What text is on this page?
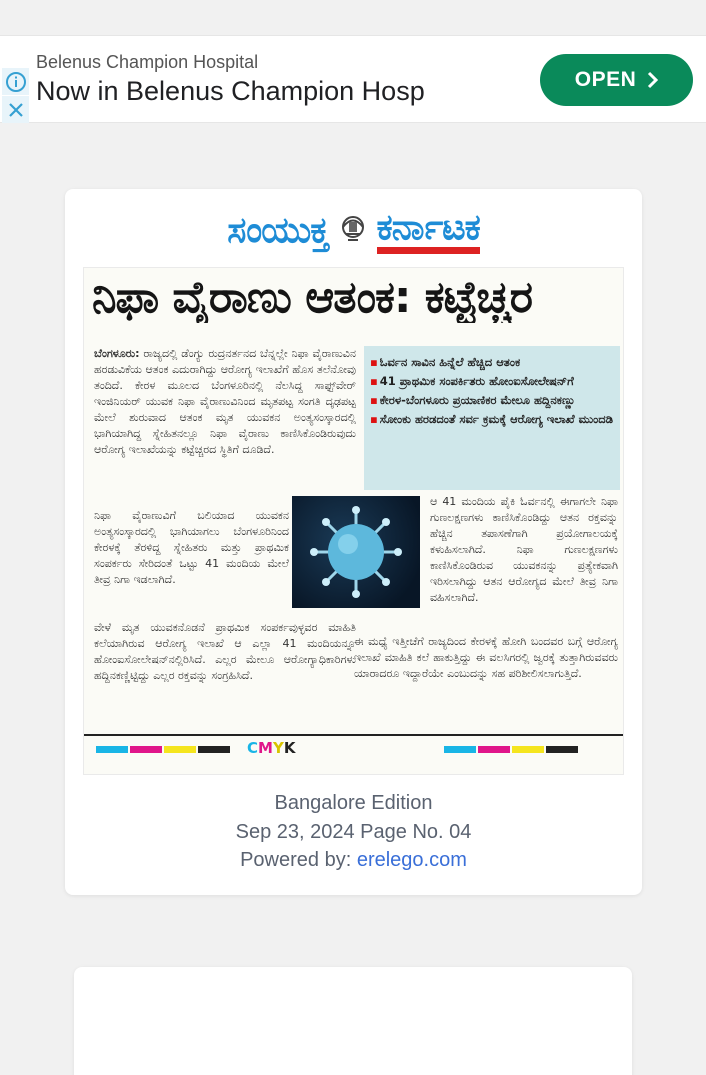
Belenus Champion Hospital
Now in Belenus Champion Hosp	OPEN
ಸಂಯುಕ್ತ ಕರ್ನಾಟಕ
ನಿಫಾ ವೈರಾಣು ಆತಂಕ: ಕಟ್ಟೆಚ್ಚರ
ಬೆಂಗಳೂರು: ರಾಜ್ಯದಲ್ಲಿ ಡೆಂಗ್ಯು ರುದ್ರನರ್ತನದ ಬೆನ್ನಲ್ಲೇ ನಿಫಾ ವೈರಾಣುವಿನ ಹರಡುವಿಕೆಯ ಆತಂಕ ಎದುರಾಗಿದ್ದು ಆರೋಗ್ಯ ಇಲಾಖೆಗೆ ಹೊಸ ತಲೆನೋವು ತಂದಿದೆ. ಕೇರಳ ಮೂಲದ ಬೆಂಗಳೂರಿನಲ್ಲಿ ನೆಲಸಿದ್ದ ಸಾಫ್ಟ್‌ವೇರ್ ಇಂಜಿನಿಯರ್ ಯುವಕ ನಿಫಾ ವೈರಾಣುವಿನಿಂದ ಮೃತಪಟ್ಟ ಸಂಗತಿ ದೃಢಪಟ್ಟ ಮೇಲೆ ಶುರುವಾದ ಆತಂಕ ಮೃತ ಯುವಕನ ಅಂತ್ಯಸಂಸ್ಕಾರದಲ್ಲಿ ಭಾಗಿಯಾಗಿದ್ದ ಸ್ನೇಹಿತನಲ್ಲೂ ನಿಫಾ ವೈರಾಣು ಕಾಣಿಸಿಕೊಂಡಿರುವುದು ಆರೋಗ್ಯ ಇಲಾಖೆಯನ್ನು ಕಟ್ಟೆಚ್ಚರದ ಸ್ಥಿತಿಗೆ ದೂಡಿದೆ.
▪ ಓರ್ವನ ಸಾವಿನ ಹಿನ್ನೆಲೆ ಹೆಚ್ಚಿದ ಆತಂಕ
▪ 41 ಪ್ರಾಥಮಿಕ ಸಂಪರ್ಕಿತರು ಹೋಂಐಸೋಲೇಷನ್‌ಗೆ
▪ ಕೇರಳ-ಬೆಂಗಳೂರು ಪ್ರಯಾಣಿಕರ ಮೇಲೂ ಹದ್ದಿನಕಣ್ಣು
▪ ಸೋಂಕು ಹರಡದಂತೆ ಸರ್ವ ಕ್ರಮಕ್ಕೆ ಆರೋಗ್ಯ ಇಲಾಖೆ ಮುಂದಡಿ
ನಿಫಾ ವೈರಾಣುವಿಗೆ ಬಲಿಯಾದ ಯುವಕನ ಅಂತ್ಯಸಂಸ್ಕಾರದಲ್ಲಿ ಭಾಗಿಯಾಗಲು ಬೆಂಗಳೂರಿನಿಂದ ಕೇರಳಕ್ಕೆ ತೆರಳಿದ್ದ ಸ್ನೇಹಿತರು ಮತ್ತು ಪ್ರಾಥಮಿಕ ಸಂಪರ್ಕರು ಸೇರಿದಂತೆ ಒಟ್ಟು 41 ಮಂದಿಯ ಮೇಲೆ ತೀವ್ರ ನಿಗಾ ಇಡಲಾಗಿದೆ.
ಆ 41 ಮಂದಿಯ ಪೈಕಿ ಓರ್ವನಲ್ಲಿ ಈಗಾಗಲೇ ನಿಫಾ ಗುಣಲಕ್ಷಣಗಳು ಕಾಣಿಸಿಕೊಂಡಿದ್ದು ಆತನ ರಕ್ತವನ್ನು ಹೆಚ್ಚಿನ ತಪಾಸಣೆಗಾಗಿ ಪ್ರಯೋಗಾಲಯಕ್ಕೆ ಕಳುಹಿಸಲಾಗಿದೆ. ನಿಫಾ ಗುಣಲಕ್ಷಣಗಳು ಕಾಣಿಸಿಕೊಂಡಿರುವ ಯುವಕನನ್ನು ಪ್ರತ್ಯೇಕವಾಗಿ ಇರಿಸಲಾಗಿದ್ದು ಆತನ ಆರೋಗ್ಯದ ಮೇಲೆ ತೀವ್ರ ನಿಗಾ ವಹಿಸಲಾಗಿದೆ.
ವೇಳೆ ಮೃತ ಯುವಕನೊಡನೆ ಪ್ರಾಥಮಿಕ ಸಂಪರ್ಕವುಳ್ಳವರ ಮಾಹಿತಿ ಕಲೆಯಾಗಿರುವ ಆರೋಗ್ಯ ಇಲಾಖೆ ಆ ಎಲ್ಲಾ 41 ಮಂದಿಯನ್ನೂ ಹೋಂಐಸೋಲೇಷನ್‌ನಲ್ಲಿರಿಸಿದೆ. ಎಲ್ಲರ ಮೇಲೂ ಆರೋಗ್ಯಾಧಿಕಾರಿಗಳು ಹದ್ದಿನಕಣ್ಣಿಟ್ಟಿದ್ದು ಎಲ್ಲರ ರಕ್ತವನ್ನು ಸಂಗ್ರಹಿಸಿದೆ.
ಈ ಮಧ್ಯೆ ಇತ್ತೀಚೆಗೆ ರಾಜ್ಯದಿಂದ ಕೇರಳಕ್ಕೆ ಹೋಗಿ ಬಂದವರ ಬಗ್ಗೆ ಆರೋಗ್ಯ ಇಲಾಖೆ ಮಾಹಿತಿ ಕಲೆ ಹಾಕುತ್ತಿದ್ದು ಈ ವಲಸಿಗರಲ್ಲಿ ಜ್ವರಕ್ಕೆ ತುತ್ತಾಗಿರುವವರು ಯಾರಾದರೂ ಇದ್ದಾರೆಯೇ ಎಂಬುದನ್ನು ಸಹ ಪರಿಶೀಲಿಸಲಾಗುತ್ತಿದೆ.
CMYK
Bangalore Edition
Sep 23, 2024 Page No. 04
Powered by: erelego.com
